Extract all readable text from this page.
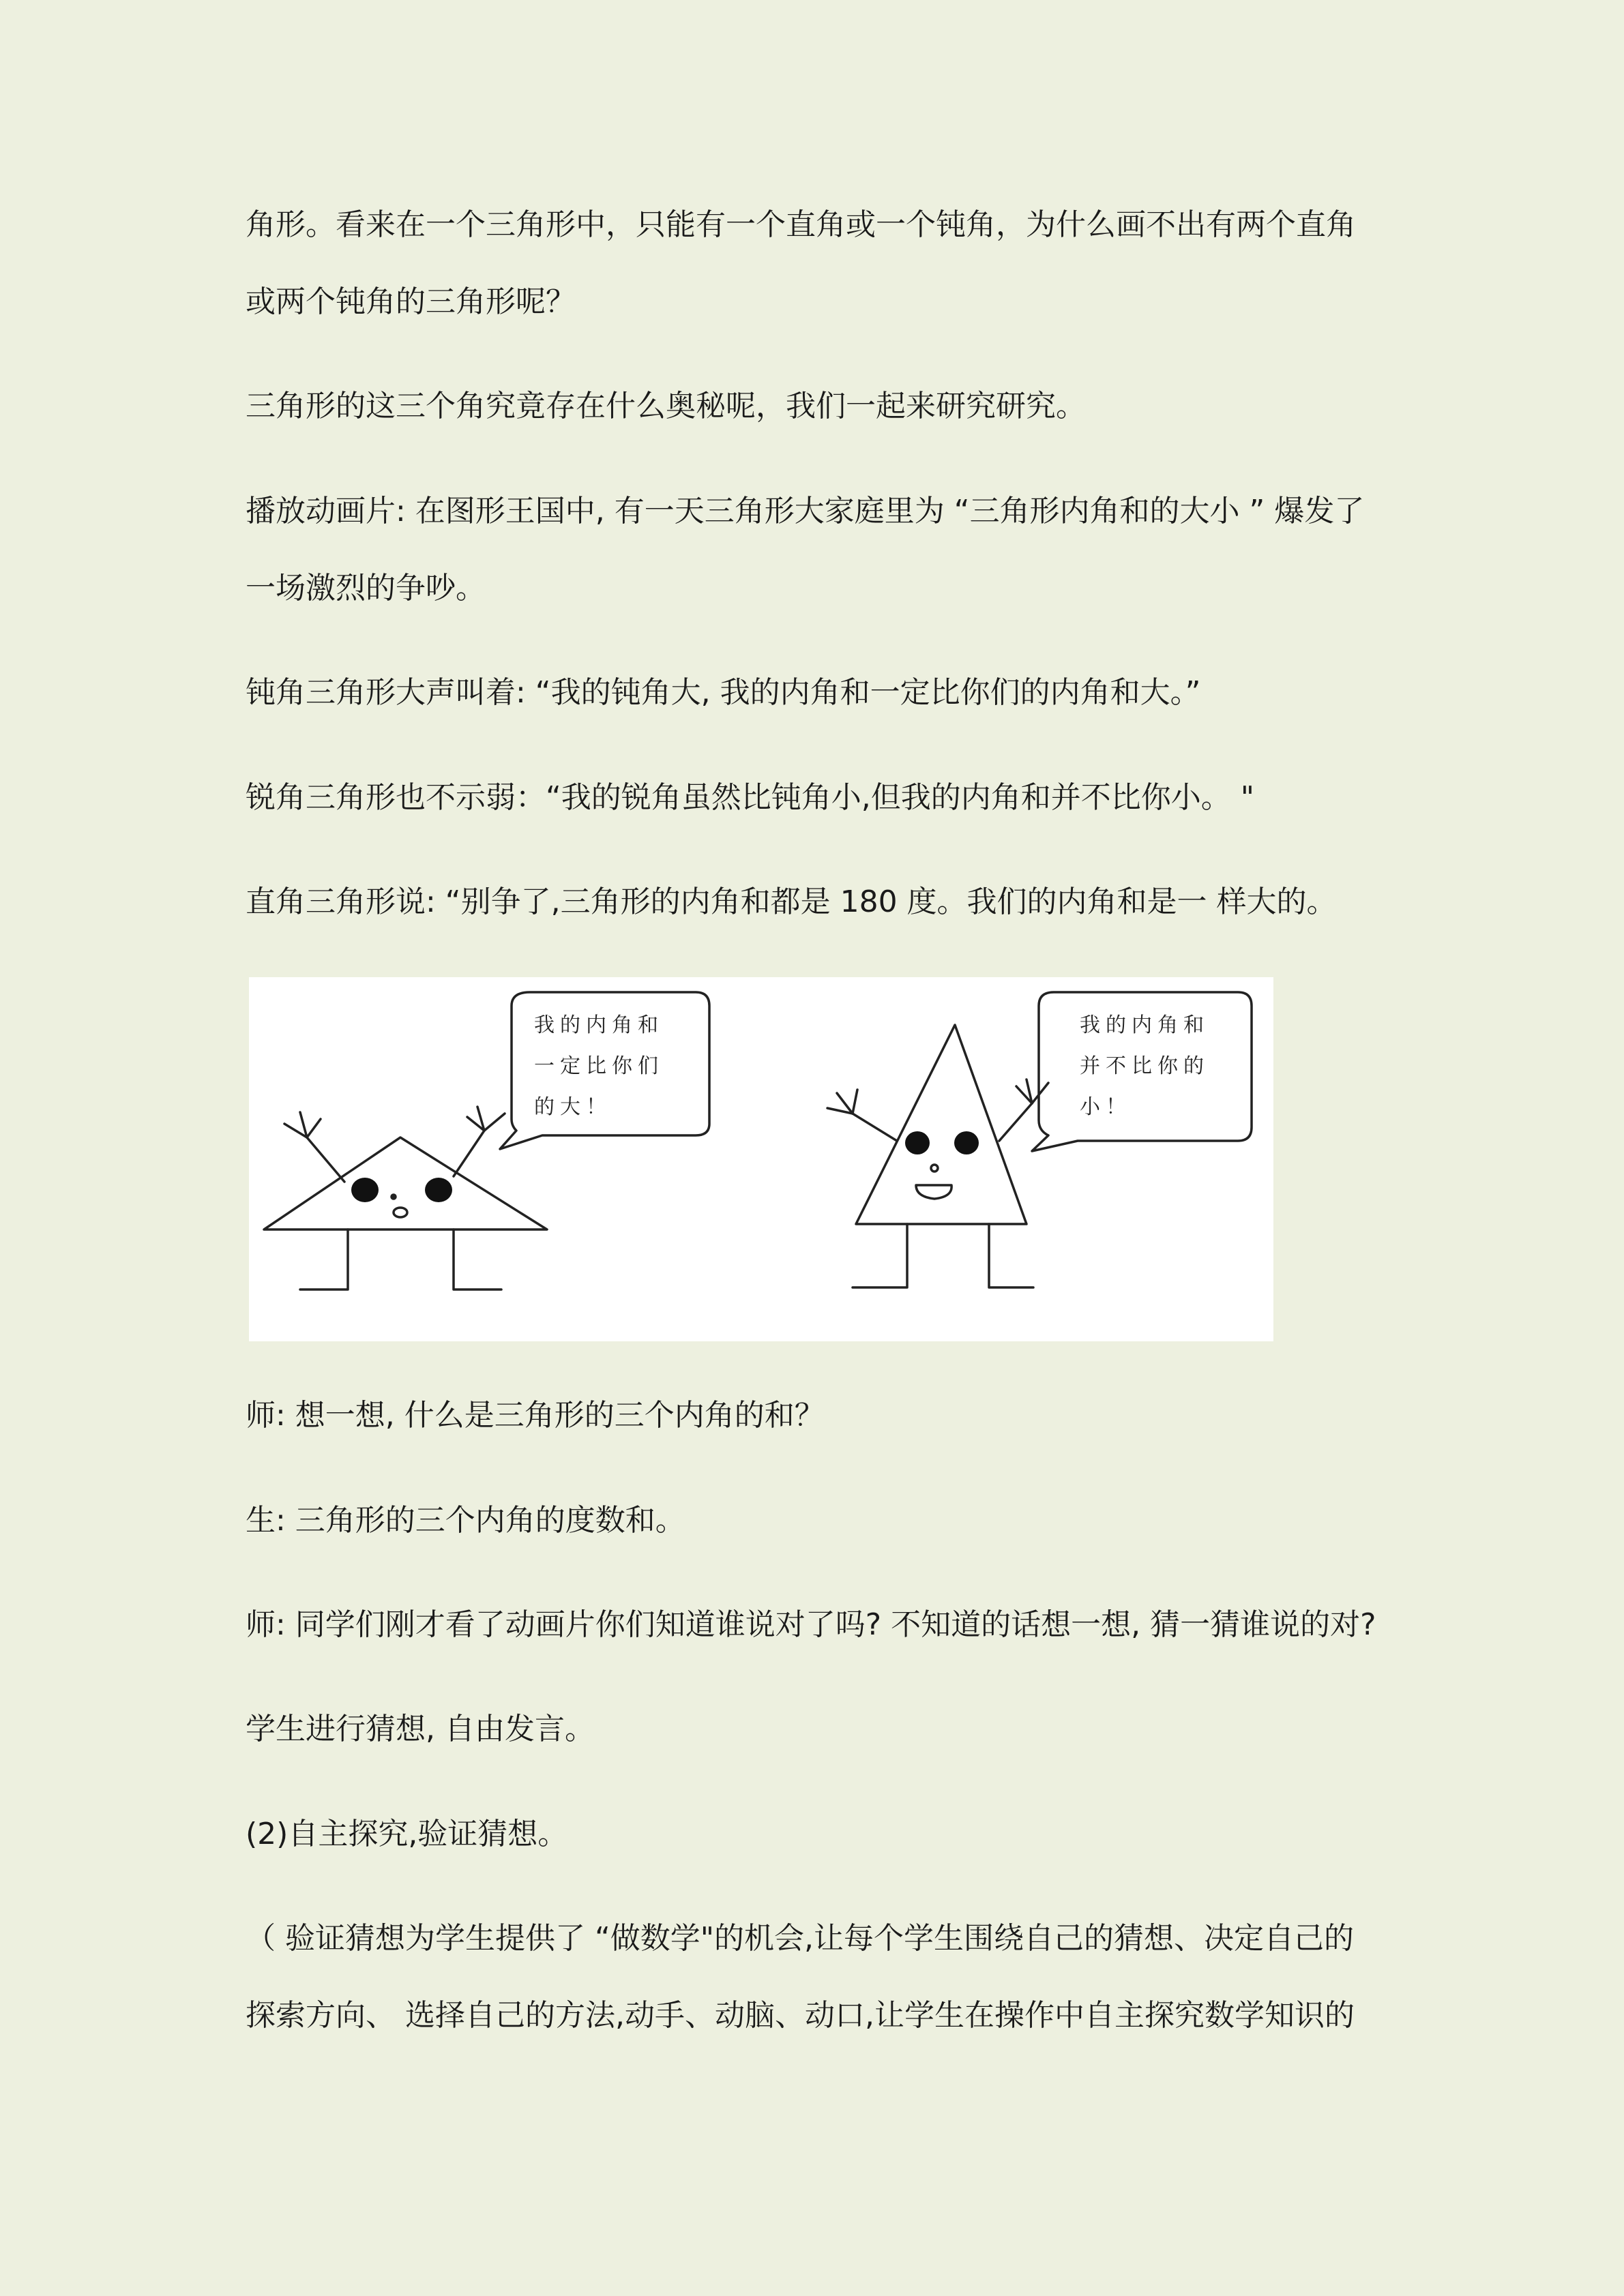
角形。看来在一个三角形中，只能有一个直角或一个钝角，为什么画不出有两个直角
或两个钝角的三角形呢？
三角形的这三个角究竟存在什么奥秘呢，我们一起来研究研究。
播放动画片: 在图形王国中, 有一天三角形大家庭里为 “三角形内角和的大小 ” 爆发了
一场激烈的争吵。
钝角三角形大声叫着: “我的钝角大, 我的内角和一定比你们的内角和大。”
锐角三角形也不示弱：“我的锐角虽然比钝角小,但我的内角和并不比你小。 "
直角三角形说: “别争了,三角形的内角和都是 180 度。我们的内角和是一 样大的。
我的内角和
一定比你们
的大！
我的内角和
并不比你的
小！
师: 想一想, 什么是三角形的三个内角的和？
生: 三角形的三个内角的度数和。
师: 同学们刚才看了动画片你们知道谁说对了吗? 不知道的话想一想, 猜一猜谁说的对?
学生进行猜想, 自由发言。
(2)自主探究,验证猜想。
（ 验证猜想为学生提供了 “做数学"的机会,让每个学生围绕自己的猜想、决定自己的
探索方向、 选择自己的方法,动手、动脑、动口,让学生在操作中自主探究数学知识的
